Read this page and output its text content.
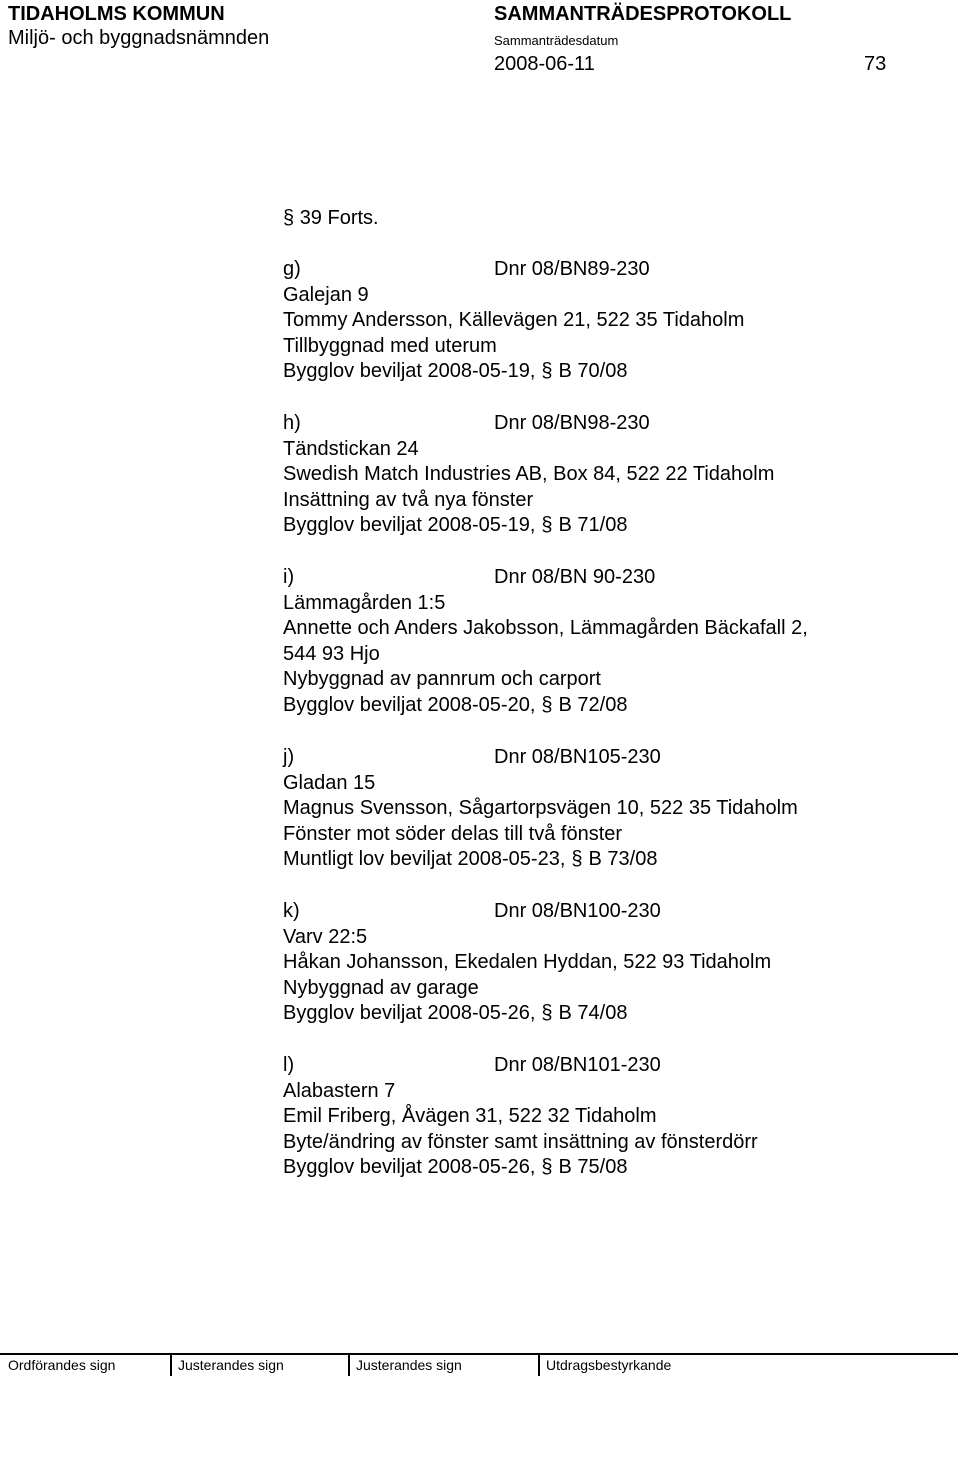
TIDAHOLMS KOMMUN
Miljö- och byggnadsnämnden
SAMMANTRÄDESPROTOKOLL
Sammanträdesdatum
2008-06-11	73
§ 39 Forts.
g)	Dnr 08/BN89-230
Galejan 9
Tommy Andersson, Källevägen 21, 522 35 Tidaholm
Tillbyggnad med uterum
Bygglov beviljat 2008-05-19, § B 70/08
h)	Dnr 08/BN98-230
Tändstickan 24
Swedish Match Industries AB, Box 84, 522 22 Tidaholm
Insättning av två nya fönster
Bygglov beviljat 2008-05-19, § B 71/08
i)	Dnr 08/BN 90-230
Lämmagården 1:5
Annette och Anders Jakobsson, Lämmagården Bäckafall 2,
544 93 Hjo
Nybyggnad av pannrum och carport
Bygglov beviljat 2008-05-20, § B 72/08
j)	Dnr 08/BN105-230
Gladan 15
Magnus Svensson, Sågartorpsvägen 10, 522 35 Tidaholm
Fönster mot söder delas till två fönster
Muntligt lov beviljat 2008-05-23, § B 73/08
k)	Dnr 08/BN100-230
Varv 22:5
Håkan Johansson, Ekedalen Hyddan, 522 93 Tidaholm
Nybyggnad av garage
Bygglov beviljat 2008-05-26, § B 74/08
l)	Dnr 08/BN101-230
Alabastern 7
Emil Friberg, Åvägen 31, 522 32 Tidaholm
Byte/ändring av fönster samt insättning av fönsterdörr
Bygglov beviljat 2008-05-26, § B 75/08
Ordförandes sign	Justerandes sign	Justerandes sign	Utdragsbestyrkande
